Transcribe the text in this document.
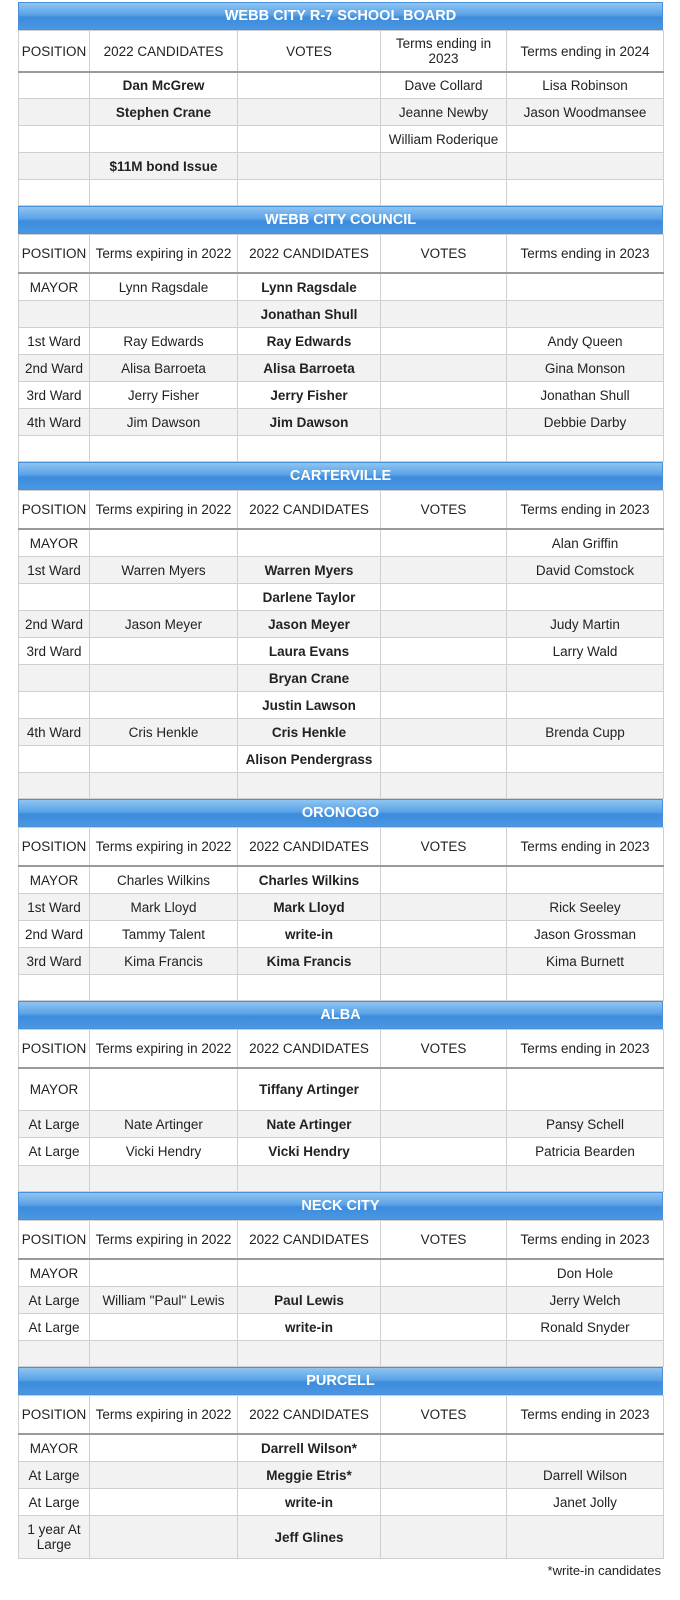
WEBB CITY R-7 SCHOOL BOARD
POSITION	2022 CANDIDATES	VOTES	Terms ending in 2023	Terms ending in 2024
	Dan McGrew		Dave Collard	Lisa Robinson
	Stephen Crane		Jeanne Newby	Jason Woodmansee
			William Roderique	
	$11M bond Issue			

WEBB CITY COUNCIL
POSITION	Terms expiring in 2022	2022 CANDIDATES	VOTES	Terms ending in 2023
MAYOR	Lynn Ragsdale	Lynn Ragsdale		
		Jonathan Shull		
1st Ward	Ray Edwards	Ray Edwards		Andy Queen
2nd Ward	Alisa Barroeta	Alisa Barroeta		Gina Monson
3rd Ward	Jerry Fisher	Jerry Fisher		Jonathan Shull
4th Ward	Jim Dawson	Jim Dawson		Debbie Darby

CARTERVILLE
POSITION	Terms expiring in 2022	2022 CANDIDATES	VOTES	Terms ending in 2023
MAYOR				Alan Griffin
1st Ward	Warren Myers	Warren Myers		David Comstock
		Darlene Taylor		
2nd Ward	Jason Meyer	Jason Meyer		Judy Martin
3rd Ward		Laura Evans		Larry Wald
		Bryan Crane		
		Justin Lawson		
4th Ward	Cris Henkle	Cris Henkle		Brenda Cupp
		Alison Pendergrass		

ORONOGO
POSITION	Terms expiring in 2022	2022 CANDIDATES	VOTES	Terms ending in 2023
MAYOR	Charles Wilkins	Charles Wilkins		
1st Ward	Mark Lloyd	Mark Lloyd		Rick Seeley
2nd Ward	Tammy Talent	write-in		Jason Grossman
3rd Ward	Kima Francis	Kima Francis		Kima Burnett

ALBA
POSITION	Terms expiring in 2022	2022 CANDIDATES	VOTES	Terms ending in 2023
MAYOR		Tiffany Artinger		
At Large	Nate Artinger	Nate Artinger		Pansy Schell
At Large	Vicki Hendry	Vicki Hendry		Patricia Bearden

NECK CITY
POSITION	Terms expiring in 2022	2022 CANDIDATES	VOTES	Terms ending in 2023
MAYOR				Don Hole
At Large	William "Paul" Lewis	Paul Lewis		Jerry Welch
At Large		write-in		Ronald Snyder

PURCELL
POSITION	Terms expiring in 2022	2022 CANDIDATES	VOTES	Terms ending in 2023
MAYOR		Darrell Wilson*		
At Large		Meggie Etris*		Darrell Wilson
At Large		write-in		Janet Jolly
1 year At Large		Jeff Glines		
*write-in candidates
